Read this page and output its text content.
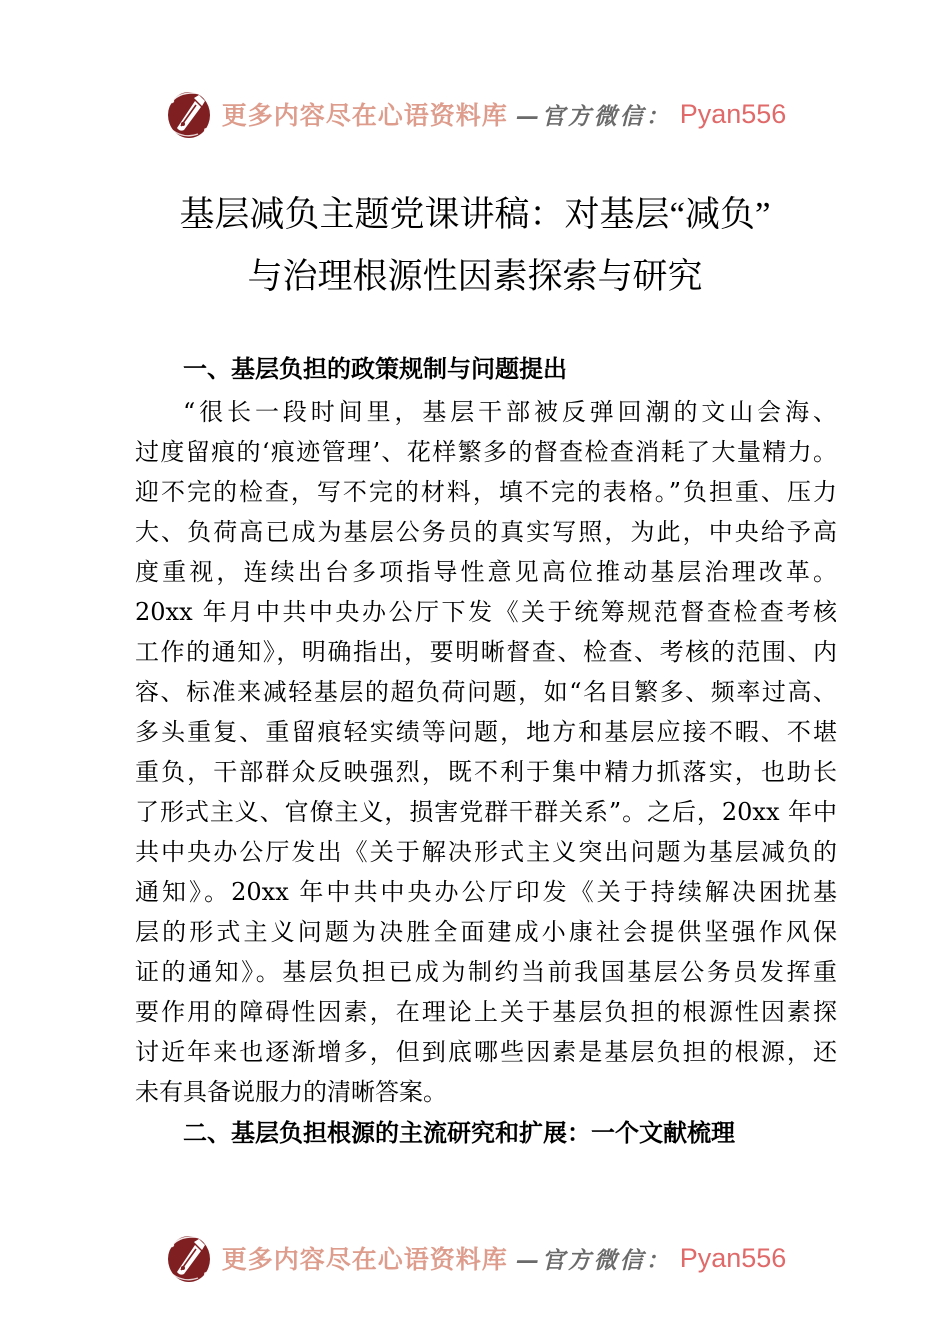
更多内容尽在心语资料库 —官方微信： Pyan556
基层减负主题党课讲稿：对基层“减负”
与治理根源性因素探索与研究
一、基层负担的政策规制与问题提出
“很长一段时间里，基层干部被反弹回潮的文山会海、
过度留痕的‘痕迹管理’、花样繁多的督查检查消耗了大量精力。
迎不完的检查，写不完的材料，填不完的表格。”负担重、压力
大、负荷高已成为基层公务员的真实写照，为此，中央给予高
度重视，连续出台多项指导性意见高位推动基层治理改革。
20xx 年月中共中央办公厅下发《关于统筹规范督查检查考核
工作的通知》，明确指出，要明晰督查、检查、考核的范围、内
容、标准来减轻基层的超负荷问题，如“名目繁多、频率过高、
多头重复、重留痕轻实绩等问题，地方和基层应接不暇、不堪
重负，干部群众反映强烈，既不利于集中精力抓落实，也助长
了形式主义、官僚主义，损害党群干群关系”。之后，20xx 年中
共中央办公厅发出《关于解决形式主义突出问题为基层减负的
通知》。20xx 年中共中央办公厅印发《关于持续解决困扰基
层的形式主义问题为决胜全面建成小康社会提供坚强作风保
证的通知》。基层负担已成为制约当前我国基层公务员发挥重
要作用的障碍性因素，在理论上关于基层负担的根源性因素探
讨近年来也逐渐增多，但到底哪些因素是基层负担的根源，还
未有具备说服力的清晰答案。
二、基层负担根源的主流研究和扩展：一个文献梳理
更多内容尽在心语资料库 —官方微信： Pyan556
